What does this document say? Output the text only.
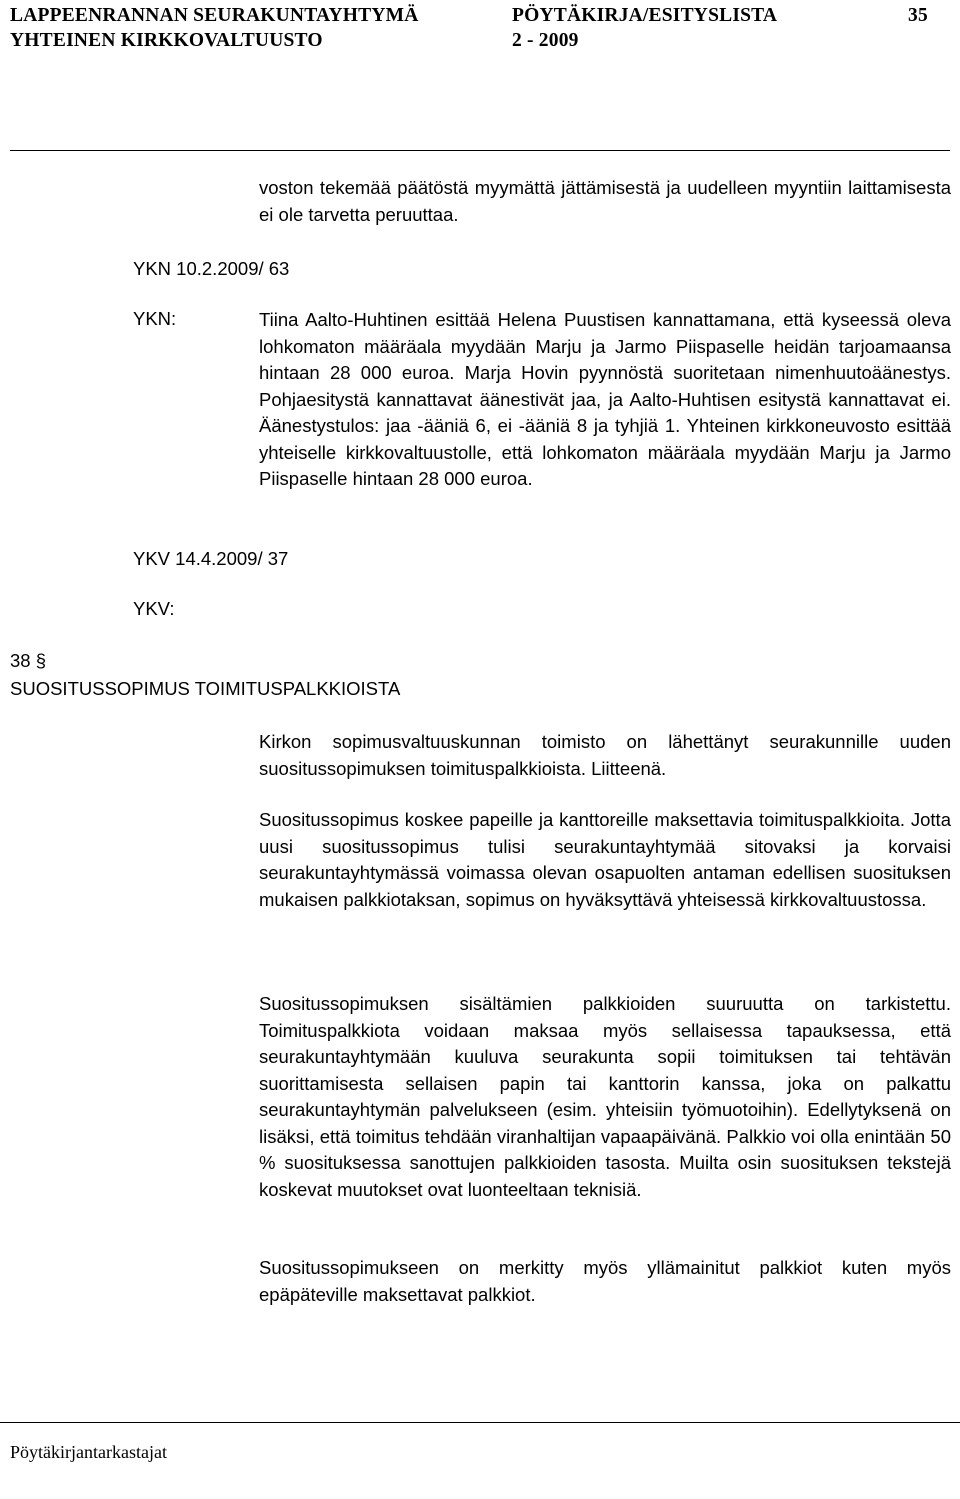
LAPPEENRANNAN SEURAKUNTAYHTYMÄ
YHTEINEN KIRKKOVALTUUSTO
PÖYTÄKIRJA/ESITYSLISTA
2 - 2009
35
voston tekemää päätöstä myymättä jättämisestä ja uudelleen myyntiin laittamisesta ei ole tarvetta peruuttaa.
YKN 10.2.2009/ 63
YKN:	Tiina Aalto-Huhtinen esittää Helena Puustisen kannattamana, että kyseessä oleva lohkomaton määräala myydään Marju ja Jarmo Piispaselle heidän tarjoamaansa hintaan 28 000 euroa. Marja Hovin pyynnöstä suoritetaan nimenhuutoäänestys. Pohjaesitystä kannattavat äänestivät jaa, ja Aalto-Huhtisen esitystä kannattavat ei. Äänestystulos: jaa -ääniä 6, ei -ääniä 8 ja tyhjiä 1. Yhteinen kirkkoneuvosto esittää yhteiselle kirkkovaltuustolle, että lohkomaton määräala myydään Marju ja Jarmo Piispaselle hintaan 28 000 euroa.
YKV 14.4.2009/ 37
YKV:
38 §
SUOSITUSSOPIMUS TOIMITUSPALKKIOISTA
Kirkon sopimusvaltuuskunnan toimisto on lähettänyt seurakunnille uuden suositussopimuksen toimituspalkkioista. Liitteenä.
Suositussopimus koskee papeille ja kanttoreille maksettavia toimituspalkkioita. Jotta uusi suositussopimus tulisi seurakuntayhtymää sitovaksi ja korvaisi seurakuntayhtymässä voimassa olevan osapuolten antaman edellisen suosituksen mukaisen palkkiotaksan, sopimus on hyväksyttävä yhteisessä kirkkovaltuustossa.
Suositussopimuksen sisältämien palkkioiden suuruutta on tarkistettu. Toimituspalkkiota voidaan maksaa myös sellaisessa tapauksessa, että seurakuntayhtymään kuuluva seurakunta sopii toimituksen tai tehtävän suorittamisesta sellaisen papin tai kanttorin kanssa, joka on palkattu seurakuntayhtymän palvelukseen (esim. yhteisiin työmuotoihin). Edellytyksenä on lisäksi, että toimitus tehdään viranhaltijan vapaapäivänä. Palkkio voi olla enintään 50 % suosituksessa sanottujen palkkioiden tasosta. Muilta osin suosituksen tekstejä koskevat muutokset ovat luonteeltaan teknisiä.
Suositussopimukseen on merkitty myös yllämainitut palkkiot kuten myös epäpäteville maksettavat palkkiot.
Pöytäkirjantarkastajat
